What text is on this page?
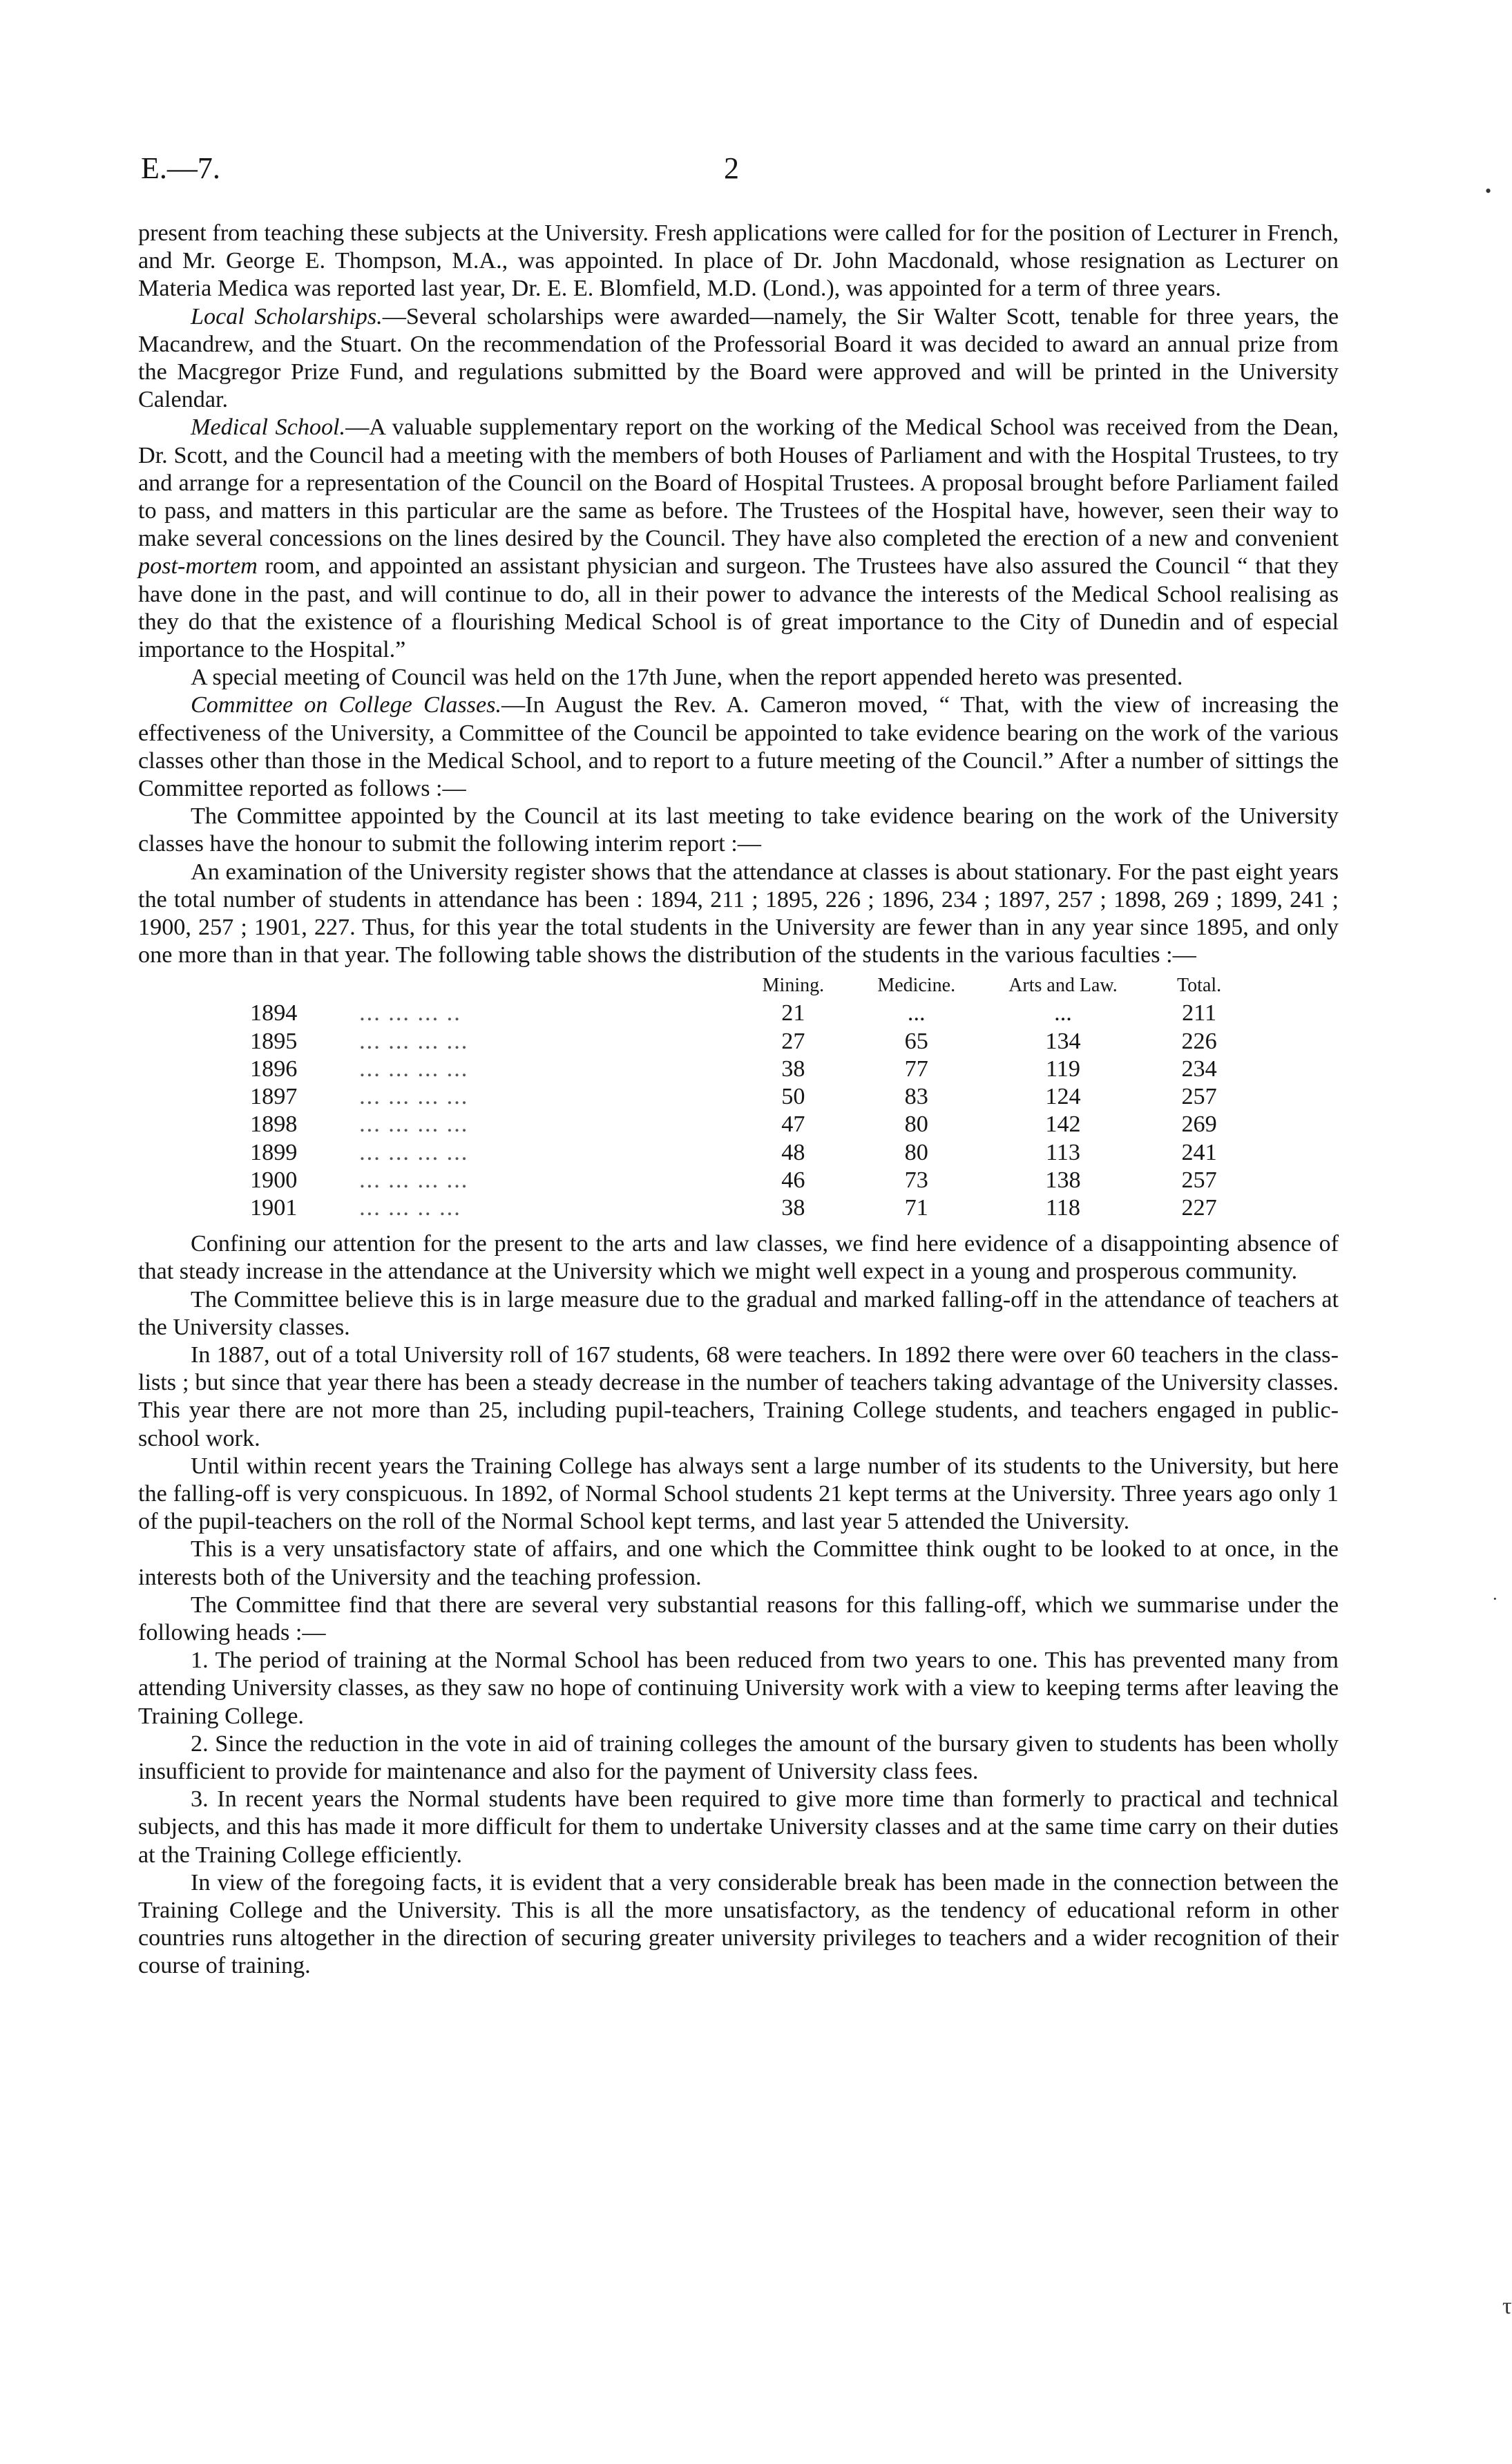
E.—7.	2

present from teaching these subjects at the University. Fresh applications were called for for the position of Lecturer in French, and Mr. George E. Thompson, M.A., was appointed. In place of Dr. John Macdonald, whose resignation as Lecturer on Materia Medica was reported last year, Dr. E. E. Blomfield, M.D. (Lond.), was appointed for a term of three years.

Local Scholarships.—Several scholarships were awarded—namely, the Sir Walter Scott, tenable for three years, the Macandrew, and the Stuart. On the recommendation of the Professorial Board it was decided to award an annual prize from the Macgregor Prize Fund, and regulations submitted by the Board were approved and will be printed in the University Calendar.

Medical School.—A valuable supplementary report on the working of the Medical School was received from the Dean, Dr. Scott, and the Council had a meeting with the members of both Houses of Parliament and with the Hospital Trustees, to try and arrange for a representation of the Council on the Board of Hospital Trustees. A proposal brought before Parliament failed to pass, and matters in this particular are the same as before. The Trustees of the Hospital have, however, seen their way to make several concessions on the lines desired by the Council. They have also completed the erection of a new and convenient post-mortem room, and appointed an assistant physician and surgeon. The Trustees have also assured the Council “ that they have done in the past, and will continue to do, all in their power to advance the interests of the Medical School realising as they do that the existence of a flourishing Medical School is of great importance to the City of Dunedin and of especial importance to the Hospital.”

A special meeting of Council was held on the 17th June, when the report appended hereto was presented.

Committee on College Classes.—In August the Rev. A. Cameron moved, “ That, with the view of increasing the effectiveness of the University, a Committee of the Council be appointed to take evidence bearing on the work of the various classes other than those in the Medical School, and to report to a future meeting of the Council.” After a number of sittings the Committee reported as follows :—

The Committee appointed by the Council at its last meeting to take evidence bearing on the work of the University classes have the honour to submit the following interim report :—

An examination of the University register shows that the attendance at classes is about stationary. For the past eight years the total number of students in attendance has been : 1894, 211 ; 1895, 226 ; 1896, 234 ; 1897, 257 ; 1898, 269 ; 1899, 241 ; 1900, 257 ; 1901, 227. Thus, for this year the total students in the University are fewer than in any year since 1895, and only one more than in that year. The following table shows the distribution of the students in the various faculties :—

		Mining.	Medicine.	Arts and Law.	Total.
1894	... ... ... ..	21	...	...	211
1895	... ... ... ...	27	65	134	226
1896	... ... ... ...	38	77	119	234
1897	... ... ... ...	50	83	124	257
1898	... ... ... ...	47	80	142	269
1899	... ... ... ...	48	80	113	241
1900	... ... ... ...	46	73	138	257
1901	... ... .. ...	38	71	118	227

Confining our attention for the present to the arts and law classes, we find here evidence of a disappointing absence of that steady increase in the attendance at the University which we might well expect in a young and prosperous community.

The Committee believe this is in large measure due to the gradual and marked falling-off in the attendance of teachers at the University classes.

In 1887, out of a total University roll of 167 students, 68 were teachers. In 1892 there were over 60 teachers in the class-lists ; but since that year there has been a steady decrease in the number of teachers taking advantage of the University classes. This year there are not more than 25, including pupil-teachers, Training College students, and teachers engaged in public-school work.

Until within recent years the Training College has always sent a large number of its students to the University, but here the falling-off is very conspicuous. In 1892, of Normal School students 21 kept terms at the University. Three years ago only 1 of the pupil-teachers on the roll of the Normal School kept terms, and last year 5 attended the University.

This is a very unsatisfactory state of affairs, and one which the Committee think ought to be looked to at once, in the interests both of the University and the teaching profession.

The Committee find that there are several very substantial reasons for this falling-off, which we summarise under the following heads :—

1. The period of training at the Normal School has been reduced from two years to one. This has prevented many from attending University classes, as they saw no hope of continuing University work with a view to keeping terms after leaving the Training College.

2. Since the reduction in the vote in aid of training colleges the amount of the bursary given to students has been wholly insufficient to provide for maintenance and also for the payment of University class fees.

3. In recent years the Normal students have been required to give more time than formerly to practical and technical subjects, and this has made it more difficult for them to undertake University classes and at the same time carry on their duties at the Training College efficiently.

In view of the foregoing facts, it is evident that a very considerable break has been made in the connection between the Training College and the University. This is all the more unsatisfactory, as the tendency of educational reform in other countries runs altogether in the direction of securing greater university privileges to teachers and a wider recognition of their course of training.

•
·
τ
